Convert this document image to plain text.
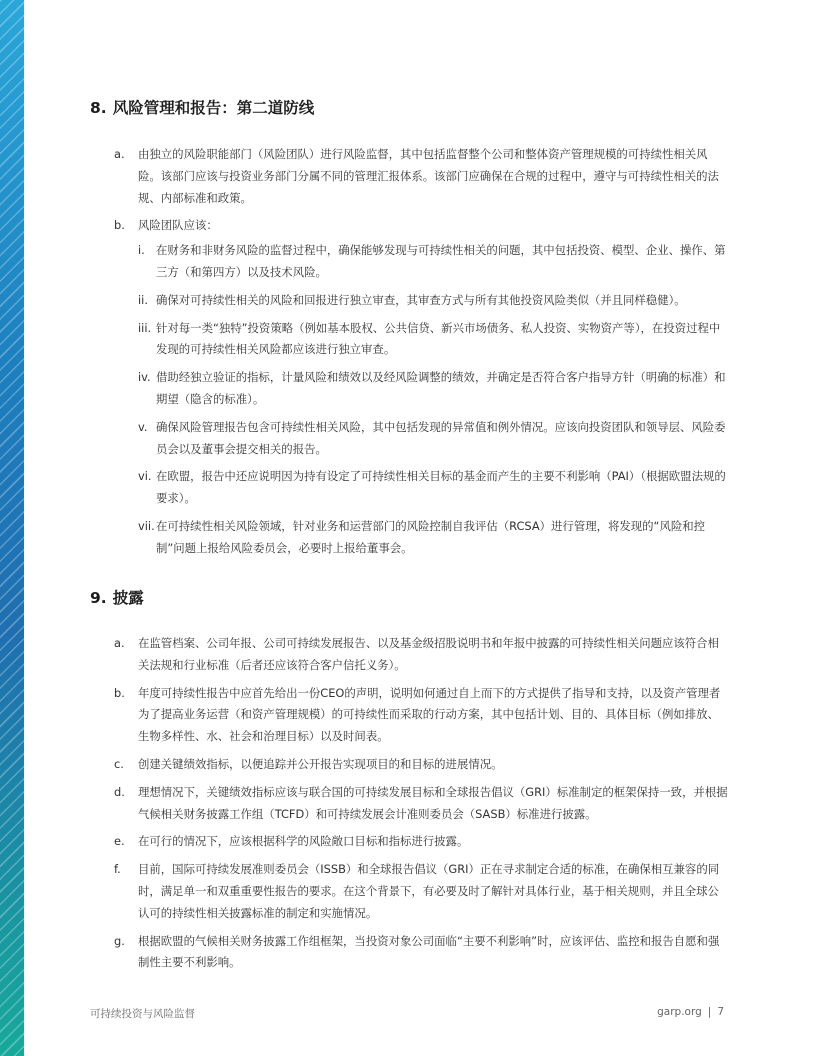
8. 风险管理和报告：第二道防线
a. 由独立的风险职能部门（风险团队）进行风险监督，其中包括监督整个公司和整体资产管理规模的可持续性相关风险。该部门应该与投资业务部门分属不同的管理汇报体系。该部门应确保在合规的过程中，遵守与可持续性相关的法规、内部标准和政策。
b. 风险团队应该：
i. 在财务和非财务风险的监督过程中，确保能够发现与可持续性相关的问题，其中包括投资、模型、企业、操作、第三方（和第四方）以及技术风险。
ii. 确保对可持续性相关的风险和回报进行独立审查，其审查方式与所有其他投资风险类似（并且同样稳健）。
iii. 针对每一类“独特”投资策略（例如基本股权、公共信贷、新兴市场债务、私人投资、实物资产等），在投资过程中发现的可持续性相关风险都应该进行独立审查。
iv. 借助经独立验证的指标，计量风险和绩效以及经风险调整的绩效，并确定是否符合客户指导方针（明确的标准）和期望（隐含的标准）。
v. 确保风险管理报告包含可持续性相关风险，其中包括发现的异常值和例外情况。应该向投资团队和领导层、风险委员会以及董事会提交相关的报告。
vi. 在欧盟，报告中还应说明因为持有设定了可持续性相关目标的基金而产生的主要不利影响（PAI）（根据欧盟法规的要求）。
vii. 在可持续性相关风险领域，针对业务和运营部门的风险控制自我评估（RCSA）进行管理，将发现的“风险和控制”问题上报给风险委员会，必要时上报给董事会。
9. 披露
a. 在监管档案、公司年报、公司可持续发展报告、以及基金级招股说明书和年报中披露的可持续性相关问题应该符合相关法规和行业标准（后者还应该符合客户信托义务）。
b. 年度可持续性报告中应首先给出一份CEO的声明，说明如何通过自上而下的方式提供了指导和支持，以及资产管理者为了提高业务运营（和资产管理规模）的可持续性而采取的行动方案，其中包括计划、目的、具体目标（例如排放、生物多样性、水、社会和治理目标）以及时间表。
c. 创建关键绩效指标，以便追踪并公开报告实现项目的和目标的进展情况。
d. 理想情况下，关键绩效指标应该与联合国的可持续发展目标和全球报告倡议（GRI）标准制定的框架保持一致，并根据气候相关财务披露工作组（TCFD）和可持续发展会计准则委员会（SASB）标准进行披露。
e. 在可行的情况下，应该根据科学的风险敞口目标和指标进行披露。
f. 目前，国际可持续发展准则委员会（ISSB）和全球报告倡议（GRI）正在寻求制定合适的标准，在确保相互兼容的同时，满足单一和双重重要性报告的要求。在这个背景下，有必要及时了解针对具体行业，基于相关规则，并且全球公认可的持续性相关披露标准的制定和实施情况。
g. 根据欧盟的气候相关财务披露工作组框架，当投资对象公司面临“主要不利影响”时，应该评估、监控和报告自愿和强制性主要不利影响。
可持续投资与风险监督	garp.org | 7
